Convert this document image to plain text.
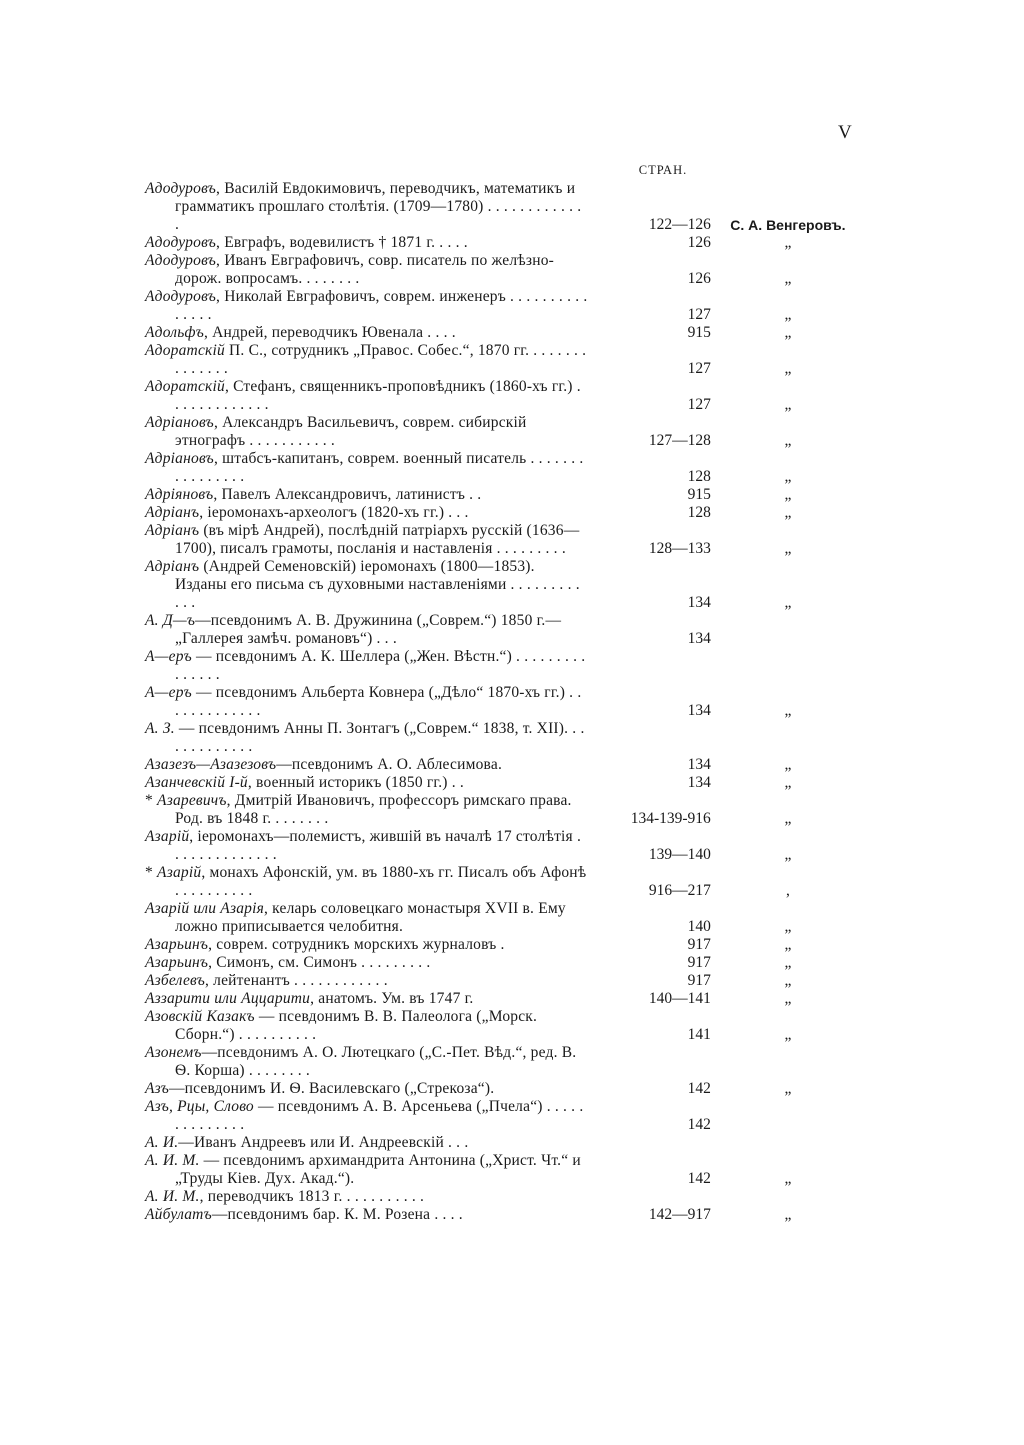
V
СТРАН.
Адодуровъ, Василій Евдокимовичъ, переводчикъ, математикъ и грамматикъ прошлаго столѣтія. (1709—1780) . . . . . . . . . . . . .	122—126	С. А. Венгеровъ.
Адодуровъ, Евграфъ, водевилистъ † 1871 г. . . . .	126	„
Адодуровъ, Иванъ Евграфовичъ, совр. писатель по желѣзно-дорож. вопросамъ. . . . . . . .	126	„
Адодуровъ, Николай Евграфовичъ, соврем. инженеръ . . . . . . . . . . . . . . .	127	„
Адольфъ, Андрей, переводчикъ Ювенала . . . .	915	„
Адоратскій П. С., сотрудникъ „Правос. Собес.“, 1870 гг. . . . . . . . . . . . . . .	127	„
Адоратскій, Стефанъ, священникъ-проповѣдникъ (1860-хъ гг.) . . . . . . . . . . . . .	127	„
Адріановъ, Александръ Васильевичъ, соврем. сибирскій этнографъ . . . . . . . . . . .	127—128	„
Адріановъ, штабсъ-капитанъ, соврем. военный писатель . . . . . . . . . . . . . . . .	128	„
Адріяновъ, Павелъ Александровичъ, латинистъ . .	915	„
Адріанъ, іеромонахъ-археологъ (1820-хъ гг.) . . .	128	„
Адріанъ (въ мірѣ Андрей), послѣдній патріархъ русскій (1636—1700), писалъ грамоты, посланія и наставленія . . . . . . . . .	128—133	„
Адріанъ (Андрей Семеновскій) іеромонахъ (1800—1853). Изданы его письма съ духовными наставленіями . . . . . . . . . . . .	134	„
А. Д—ъ—псевдонимъ А. В. Дружинина („Соврем.“) 1850 г.—„Галлерея замѣч. романовъ“) . . .	134
А—еръ — псевдонимъ А. К. Шеллера („Жен. Вѣстн.“) . . . . . . . . . . . . . . .
А—еръ — псевдонимъ Альберта Ковнера („Дѣло“ 1870-хъ гг.) . . . . . . . . . . . . .	134	„
А. З. — псевдонимъ Анны П. Зонтагъ („Соврем.“ 1838, т. XII). . . . . . . . . . . . .
Азазезъ—Азазезовъ—псевдонимъ А. О. Аблесимова.	134	„
Азанчевскій I-й, военный историкъ (1850 гг.) . .	134	„
* Азаревичъ, Дмитрій Ивановичъ, профессоръ римскаго права. Род. въ 1848 г. . . . . . . .	134-139-916	„
Азарій, іеромонахъ—полемистъ, жившій въ началѣ 17 столѣтія . . . . . . . . . . . . . .	139—140	„
* Азарій, монахъ Афонскій, ум. въ 1880-хъ гг. Писалъ объ Афонѣ . . . . . . . . . .	916—217	,
Азарій или Азарія, келарь соловецкаго монастыря XVII в. Ему ложно приписывается челобитня.	140	„
Азарьинъ, соврем. сотрудникъ морскихъ журналовъ .	917	„
Азарьинъ, Симонъ, см. Симонъ . . . . . . . . .	917	„
Азбелевъ, лейтенантъ . . . . . . . . . . . .	917	„
Аззарити или Аццарити, анатомъ. Ум. въ 1747 г.	140—141	„
Азовскій Казакъ — псевдонимъ В. В. Палеолога („Морск. Сборн.“) . . . . . . . . . .	141	„
Азонемъ—псевдонимъ А. О. Лютецкаго („С.-Пет. Вѣд.“, ред. В. Ѳ. Корша) . . . . . . . .
Азъ—псевдонимъ И. Ѳ. Василевскаго („Стрекоза“).	142	„
Азъ, Рцы, Слово — псевдонимъ А. В. Арсеньева („Пчела“) . . . . . . . . . . . . . .	142
А. И.—Иванъ Андреевъ или И. Андреевскій . . .
А. И. М. — псевдонимъ архимандрита Антонина („Христ. Чт.“ и „Труды Кіев. Дух. Акад.“).	142	„
А. И. М., переводчикъ 1813 г. . . . . . . . . . .
Айбулатъ—псевдонимъ бар. К. М. Розена . . . .	142—917	„
